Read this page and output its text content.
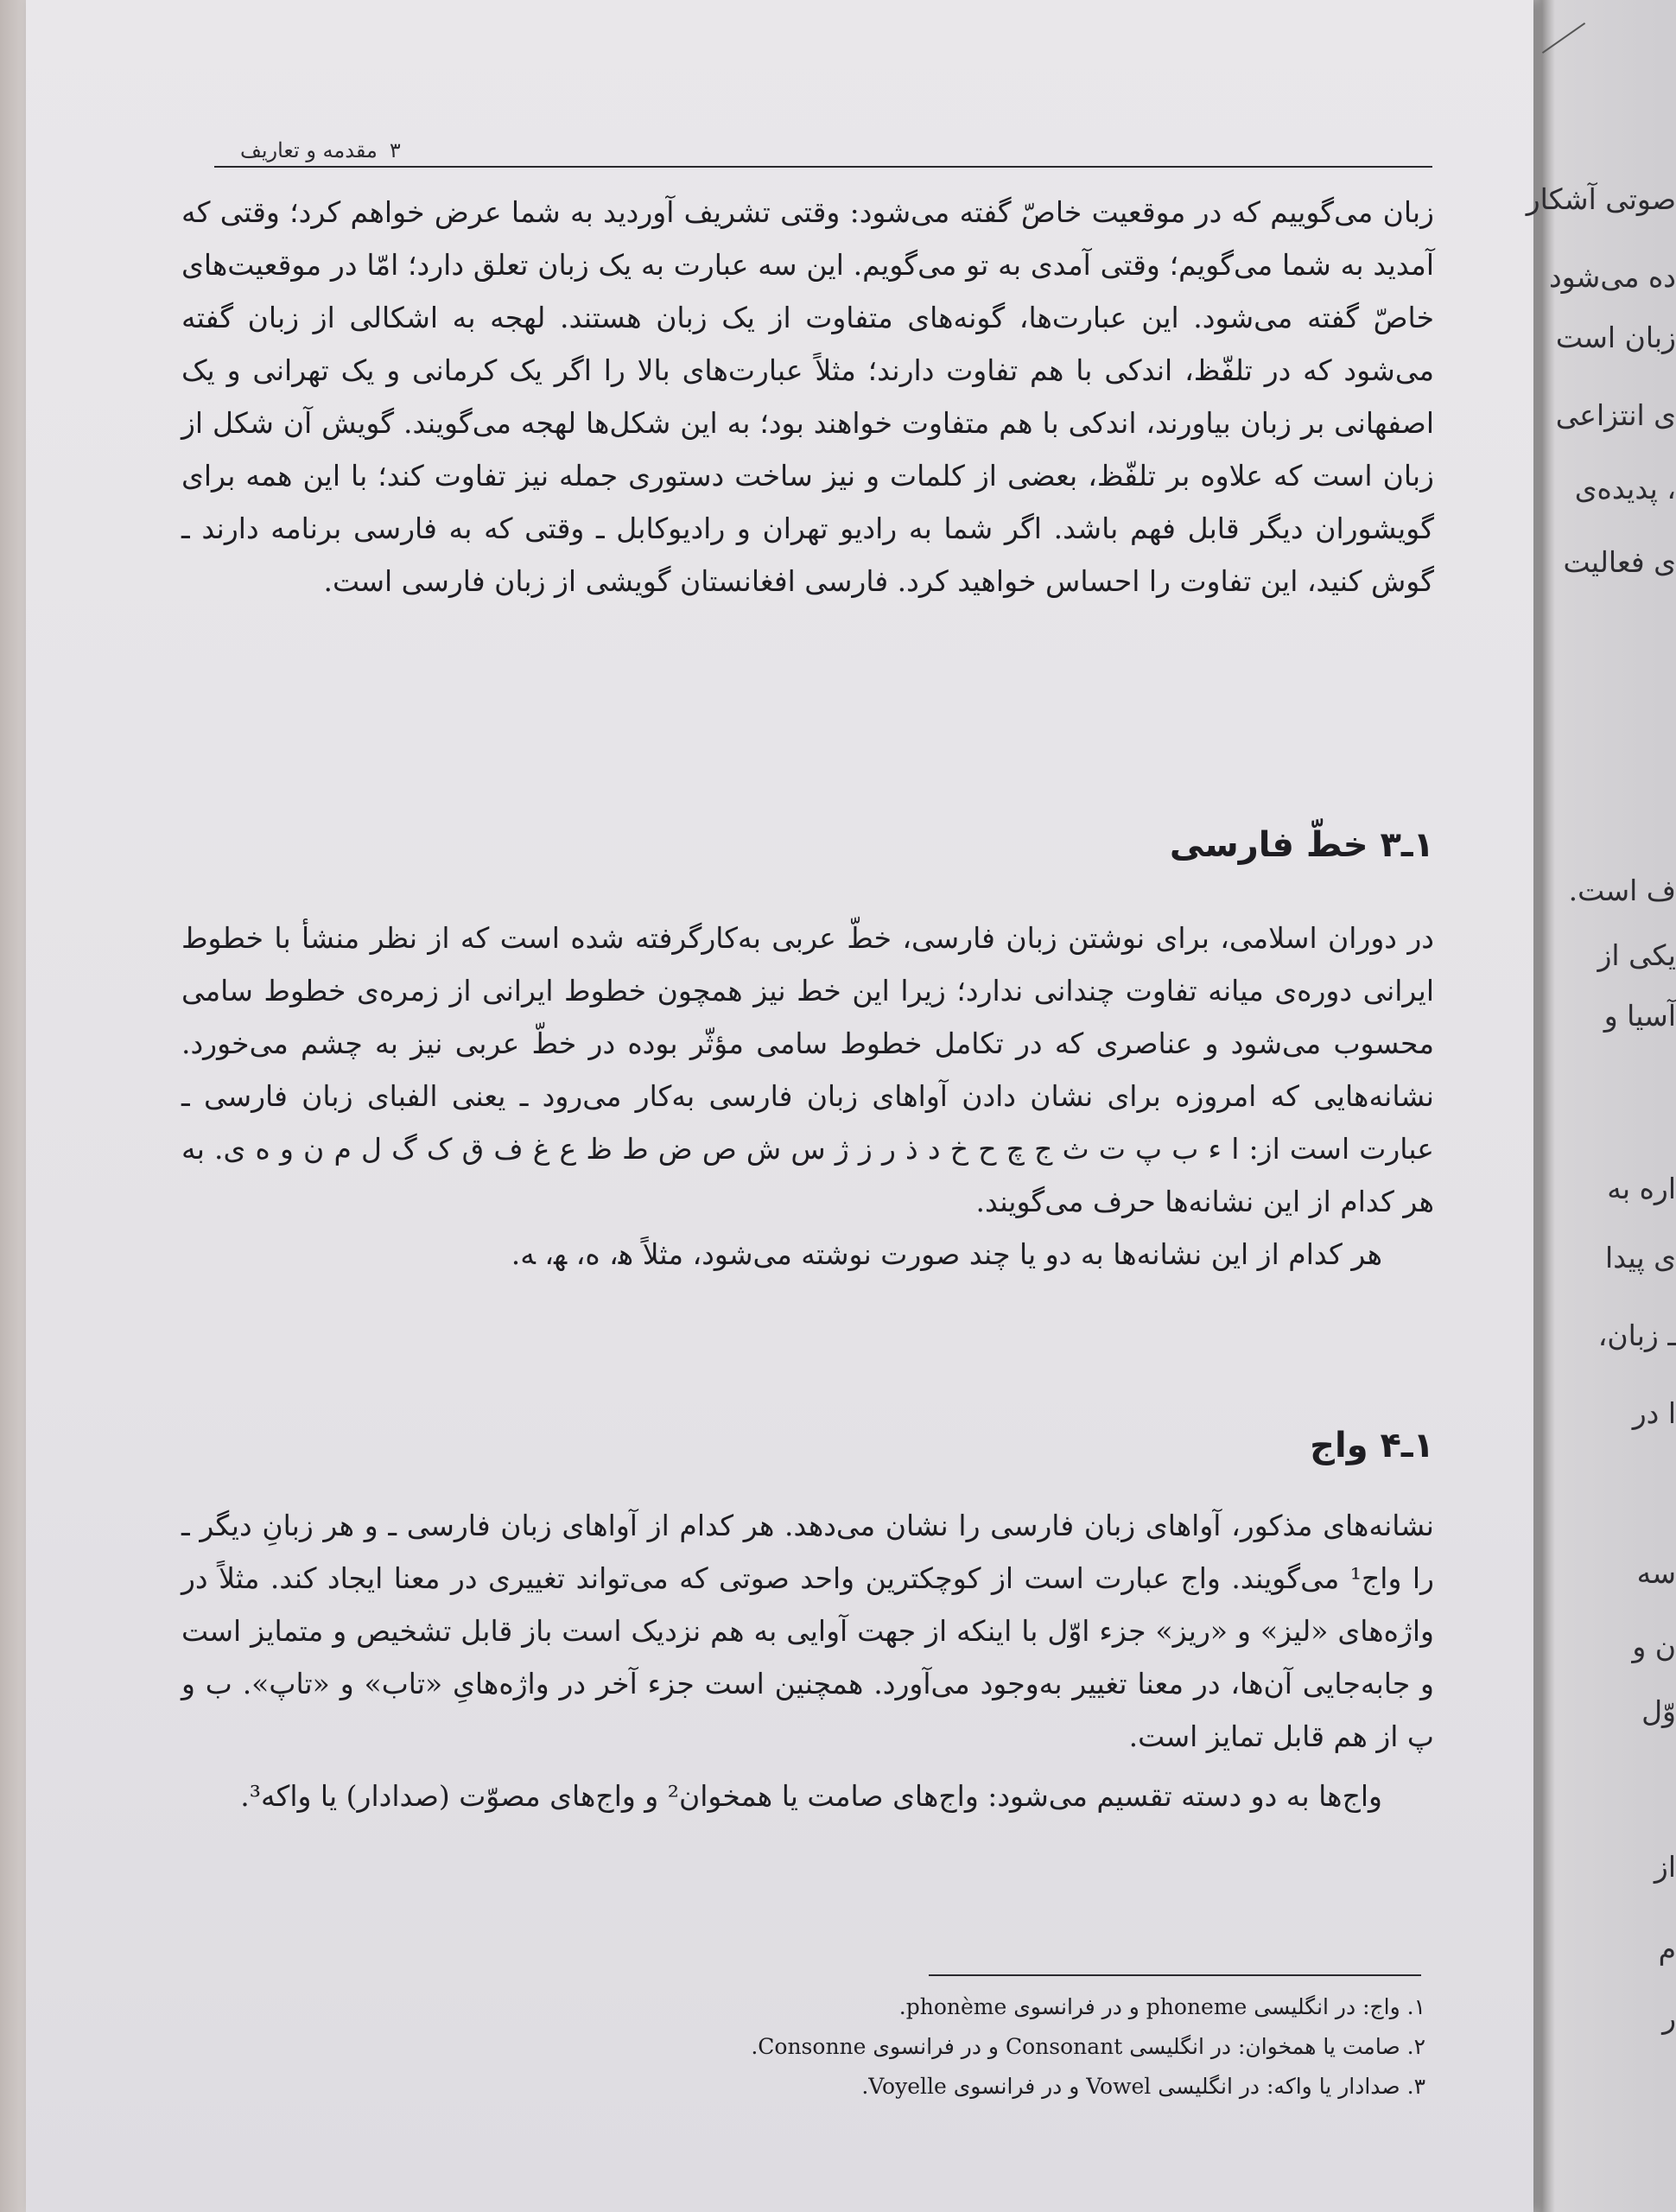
۳
مقدمه و تعاریف

زبان می‌گوییم که در موقعیت خاصّ گفته می‌شود: وقتی تشریف آوردید به شما عرض خواهم کرد؛ وقتی که آمدید به شما می‌گویم؛ وقتی آمدی به تو می‌گویم. این سه عبارت به یک زبان تعلق دارد؛ امّا در موقعیت‌های خاصّ گفته می‌شود. این عبارت‌ها، گونه‌های متفاوت از یک زبان هستند. لهجه به اشکالی از زبان گفته می‌شود که در تلفّظ، اندکی با هم تفاوت دارند؛ مثلاً عبارت‌های بالا را اگر یک کرمانی و یک تهرانی و یک اصفهانی بر زبان بیاورند، اندکی با هم متفاوت خواهند بود؛ به این شکل‌ها لهجه می‌گویند. گویش آن شکل از زبان است که علاوه بر تلفّظ، بعضی از کلمات و نیز ساخت دستوری جمله نیز تفاوت کند؛ با این همه برای گویشوران دیگر قابل فهم باشد. اگر شما به رادیو تهران و رادیوکابل ـ وقتی که به فارسی برنامه دارند ـ گوش کنید، این تفاوت را احساس خواهید کرد. فارسی افغانستان گویشی از زبان فارسی است.

۱ـ۳ خطّ فارسی

در دوران اسلامی، برای نوشتن زبان فارسی، خطّ عربی به‌کارگرفته شده است که از نظر منشأ با خطوط ایرانی دوره‌ی میانه تفاوت چندانی ندارد؛ زیرا این خط نیز همچون خطوط ایرانی از زمره‌ی خطوط سامی محسوب می‌شود و عناصری که در تکامل خطوط سامی مؤثّر بوده در خطّ عربی نیز به چشم می‌خورد. نشانه‌هایی که امروزه برای نشان دادن آواهای زبان فارسی به‌کار می‌رود ـ یعنی الفبای زبان فارسی ـ عبارت است از: ا ء ب پ ت ث ج چ ح خ د ذ ر ز ژ س ش ص ض ط ظ ع غ ف ق ک گ ل م ن و ه ی. به هر کدام از این نشانه‌ها حرف می‌گویند.

هر کدام از این نشانه‌ها به دو یا چند صورت نوشته می‌شود، مثلاً ﻫ، ه، ﻬ، ﻪ.

۱ـ۴ واج

نشانه‌های مذکور، آواهای زبان فارسی را نشان می‌دهد. هر کدام از آواهای زبان فارسی ـ و هر زبانِ دیگر ـ را واج¹ می‌گویند. واج عبارت است از کوچکترین واحد صوتی که می‌تواند تغییری در معنا ایجاد کند. مثلاً در واژه‌های «لیز» و «ریز» جزء اوّل با اینکه از جهت آوایی به هم نزدیک است باز قابل تشخیص و متمایز است و جابه‌جایی آن‌ها، در معنا تغییر به‌وجود می‌آورد. همچنین است جزء آخر در واژه‌هایِ «تاب» و «تاپ». ب و پ از هم قابل تمایز است.

واج‌ها به دو دسته تقسیم می‌شود: واج‌های صامت یا همخوان² و واج‌های مصوّت (صدادار) یا واکه³.

۱. واج: در انگلیسی phoneme و در فرانسوی phonème.

۲. صامت یا همخوان: در انگلیسی Consonant و در فرانسوی Consonne.

۳. صدادار یا واکه: در انگلیسی Vowel و در فرانسوی Voyelle.

صوتی آشکار
ده می‌شود
زبان است
ی انتزاعی
، پدیده‌ی
ی فعالیت
ف است.
یکی از
آسیا و
اره به
ی پیدا
ـ زبان،
ا در
سه
ن و
وّل
از
م
ر
